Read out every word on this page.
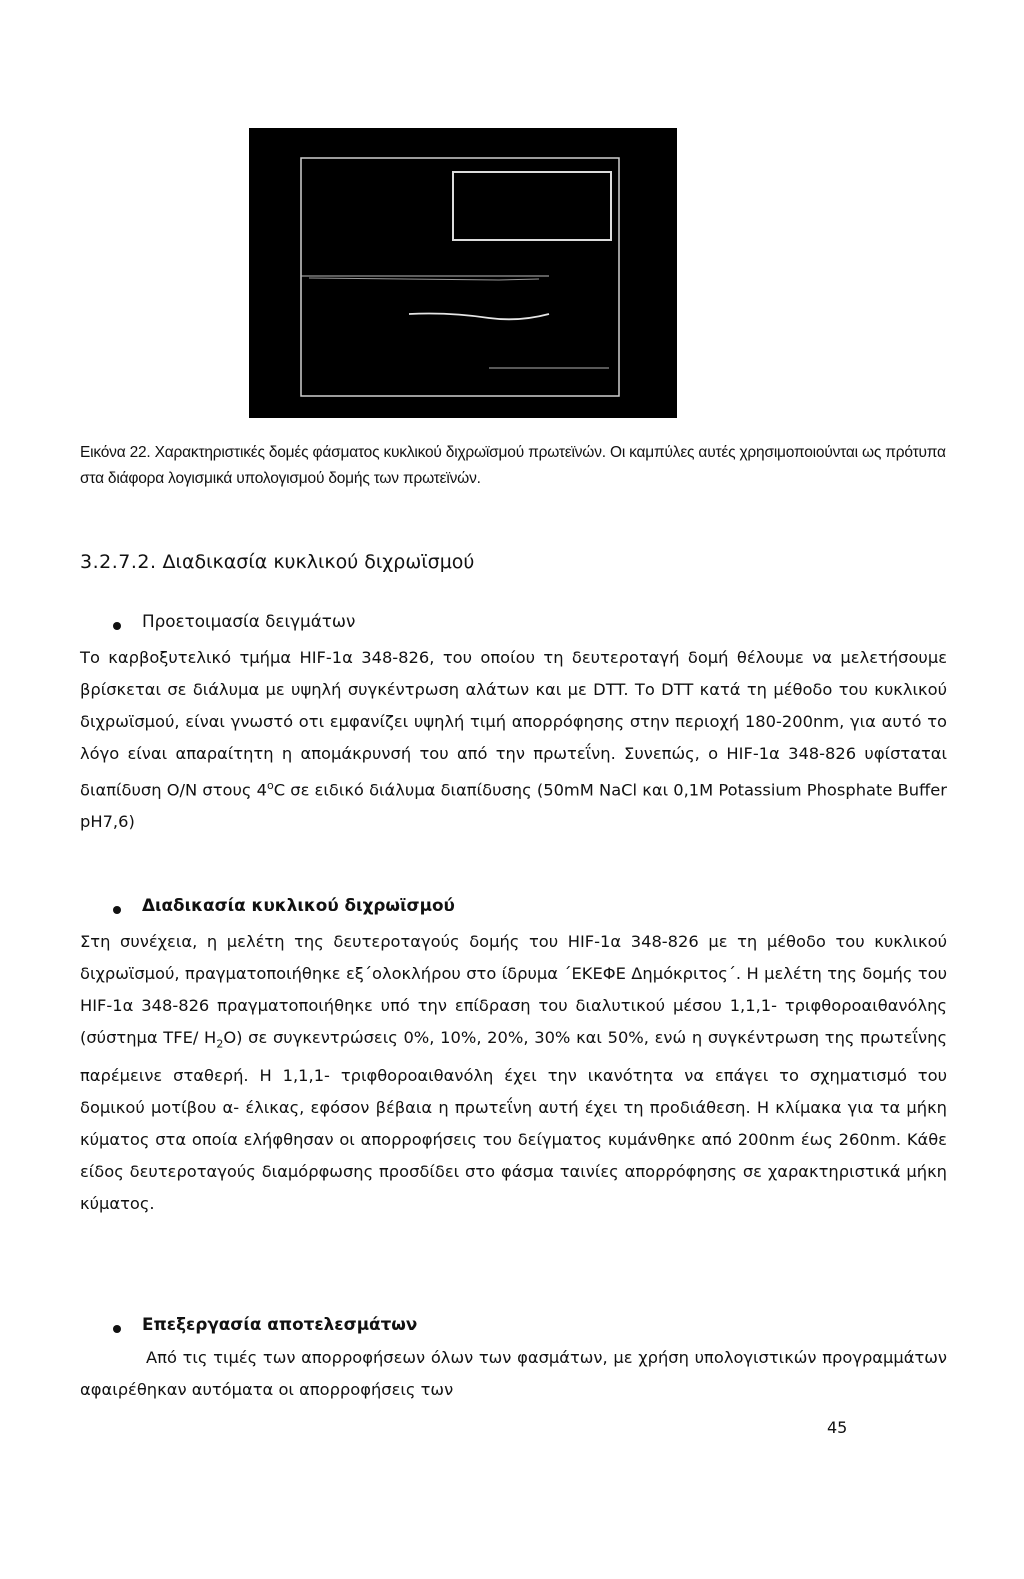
Εικόνα 22. Χαρακτηριστικές δομές φάσματος κυκλικού διχρωϊσμού πρωτεϊνών. Οι καμπύλες αυτές χρησιμοποιούνται ως πρότυπα στα διάφορα λογισμικά υπολογισμού δομής των πρωτεϊνών.
3.2.7.2. Διαδικασία κυκλικού διχρωϊσμού
Προετοιμασία δειγμάτων
Το καρβοξυτελικό τμήμα HIF-1α 348-826, του οποίου τη δευτεροταγή δομή θέλουμε να μελετήσουμε βρίσκεται σε διάλυμα με υψηλή συγκέντρωση αλάτων και με DTT. Το DTT κατά τη μέθοδο του κυκλικού διχρωϊσμού, είναι γνωστό οτι εμφανίζει υψηλή τιμή απορρόφησης στην περιοχή 180-200nm, για αυτό το λόγο είναι απαραίτητη η απομάκρυνσή του από την πρωτεΐνη. Συνεπώς, ο HIF-1α 348-826 υφίσταται διαπίδυση O/N στους 4$^o$C σε ειδικό διάλυμα διαπίδυσης (50mM NaCl και 0,1M Potassium Phosphate Buffer pH7,6)
Διαδικασία κυκλικού διχρωϊσμού
Στη συνέχεια, η μελέτη της δευτεροταγούς δομής του HIF-1α 348-826 με τη μέθοδο του κυκλικού διχρωϊσμού, πραγματοποιήθηκε εξ΄ολοκλήρου στο ίδρυμα ΄ΕΚΕΦΕ Δημόκριτος΄. Η μελέτη της δομής του HIF-1α 348-826 πραγματοποιήθηκε υπό την επίδραση του διαλυτικού μέσου 1,1,1- τριφθοροαιθανόλης (σύστημα TFE/ $H_2O$) σε συγκεντρώσεις 0%, 10%, 20%, 30% και 50%, ενώ η συγκέντρωση της πρωτεΐνης παρέμεινε σταθερή. Η 1,1,1- τριφθοροαιθανόλη έχει την ικανότητα να επάγει το σχηματισμό του δομικού μοτίβου α- έλικας, εφόσον βέβαια η πρωτεΐνη αυτή έχει τη προδιάθεση. Η κλίμακα για τα μήκη κύματος στα οποία ελήφθησαν οι απορροφήσεις του δείγματος κυμάνθηκε από 200nm έως 260nm. Κάθε είδος δευτεροταγούς διαμόρφωσης προσδίδει στο φάσμα ταινίες απορρόφησης σε χαρακτηριστικά μήκη κύματος.
Επεξεργασία αποτελεσμάτων
Από τις τιμές των απορροφήσεων όλων των φασμάτων, με χρήση υπολογιστικών προγραμμάτων αφαιρέθηκαν αυτόματα οι απορροφήσεις των
45
